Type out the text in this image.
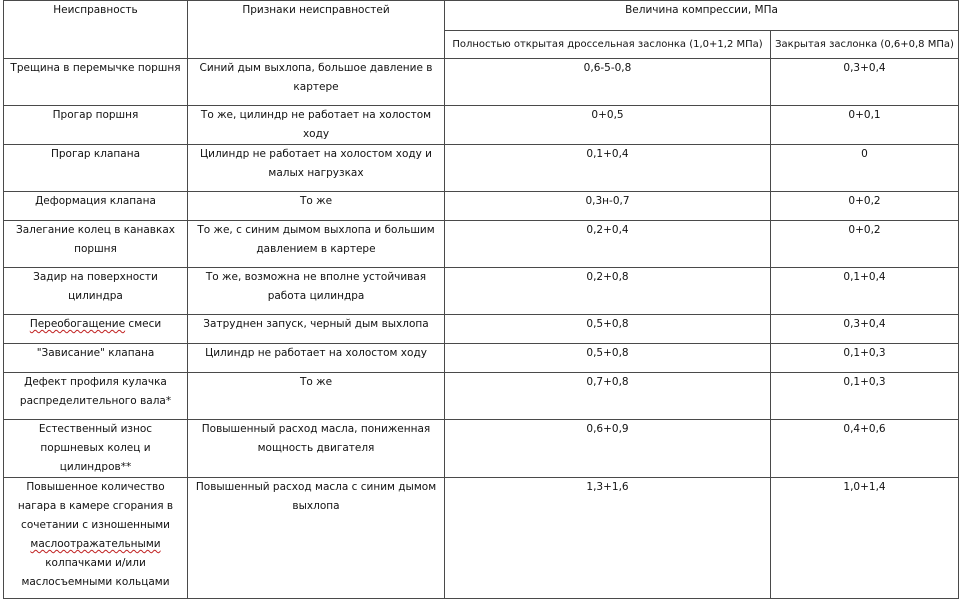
Неисправность	Признаки неисправностей	Величина компрессии, МПа	
		Полностью открытая дроссельная заслонка (1,0+1,2 МПа)	Закрытая заслонка (0,6+0,8 МПа)
Трещина в перемычке поршня	Синий дым выхлопа, большое давление в картере	0,6-5-0,8	0,3+0,4
Прогар поршня	То же, цилиндр не работает на холостом ходу	0+0,5	0+0,1
Прогар клапана	Цилиндр не работает на холостом ходу и малых нагрузках	0,1+0,4	0
Деформация клапана	То же	0,3н-0,7	0+0,2
Залегание колец в канавках поршня	То же, с синим дымом выхлопа и большим давлением в картере	0,2+0,4	0+0,2
Задир на поверхности цилиндра	То же, возможна не вполне устойчивая работа цилиндра	0,2+0,8	0,1+0,4
Переобогащение смеси	Затруднен запуск, черный дым выхлопа	0,5+0,8	0,3+0,4
"Зависание" клапана	Цилиндр не работает на холостом ходу	0,5+0,8	0,1+0,3
Дефект профиля кулачка распределительного вала*	То же	0,7+0,8	0,1+0,3
Естественный износ поршневых колец и цилиндров**	Повышенный расход масла, пониженная мощность двигателя	0,6+0,9	0,4+0,6
Повышенное количество нагара в камере сгорания в сочетании с изношенными маслоотражательными колпачками и/или маслосъемными кольцами	Повышенный расход масла с синим дымом выхлопа	1,3+1,6	1,0+1,4
